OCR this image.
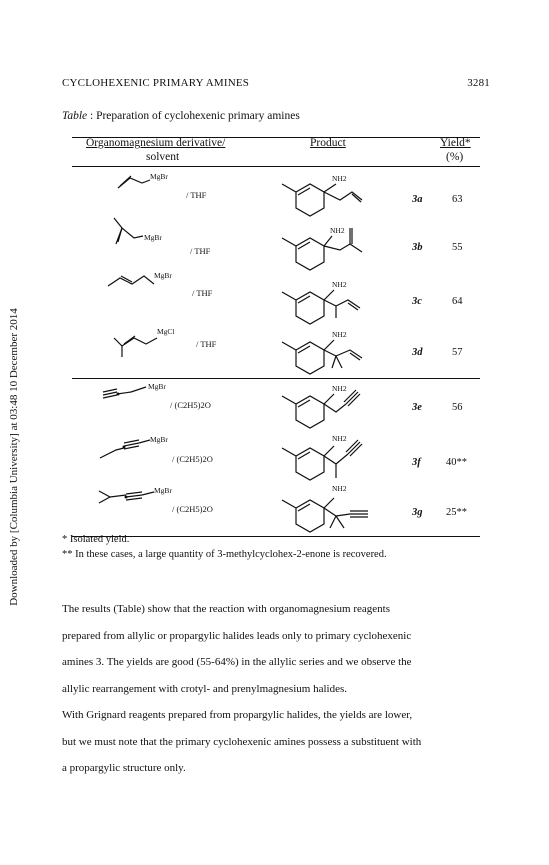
Downloaded by [Columbia University] at 03:48 10 December 2014
CYCLOHEXENIC PRIMARY AMINES	3281
Table : Preparation of cyclohexenic primary amines
Organomagnesium derivative/
solvent
Product	Yield*
(%)
MgBr
/ THF
NH2
3a	63
MgBr
/ THF
NH2
3b	55
MgBr
/ THF
NH2
3c	64
MgCl
/ THF
NH2
3d	57
MgBr
/ (C2H5)2O
NH2
3e	56
MgBr
/ (C2H5)2O
NH2
3f 40**
MgBr
/ (C2H5)2O
NH2
3g 25**
* Isolated yield.
** In these cases, a large quantity of 3-methylcyclohex-2-enone is recovered.
The results (Table) show that the reaction with organomagnesium reagents
prepared from allylic or propargylic halides leads only to primary cyclohexenic
amines 3. The yields are good (55-64%) in the allylic series and we observe the
allylic rearrangement with crotyl- and prenylmagnesium halides.
With Grignard reagents prepared from propargylic halides, the yields are lower,
but we must note that the primary cyclohexenic amines possess a substituent with
a propargylic structure only.
